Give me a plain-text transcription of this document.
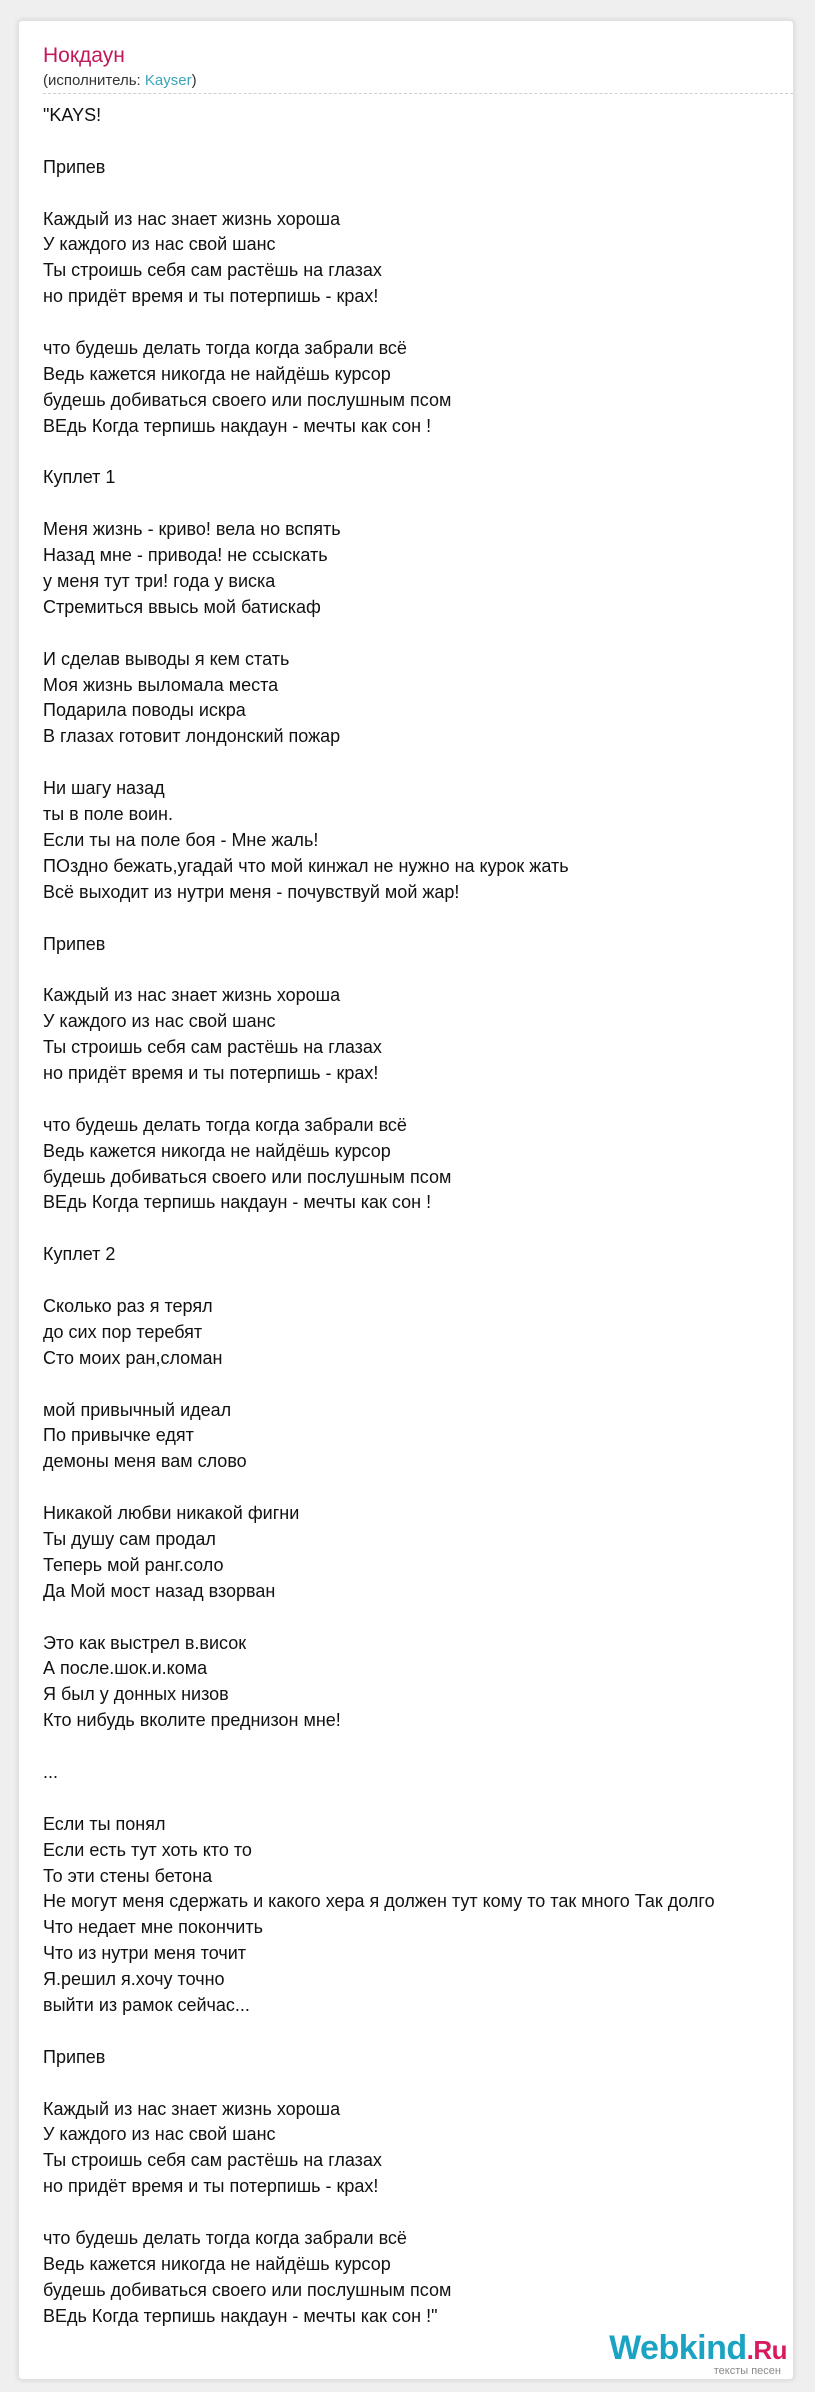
Нокдаун
(исполнитель: Kayser)
"KAYS!
Припев
Каждый из нас знает жизнь хороша
У каждого из нас свой шанс
Ты строишь себя сам растёшь на глазах
но придёт время и ты потерпишь - крах!
что будешь делать тогда когда забрали всё
Ведь кажется никогда не найдёшь курсор
будешь добиваться своего или послушным псом
ВЕдь Когда терпишь накдаун - мечты как сон !
Куплет 1
Меня жизнь - криво! вела но вспять
Назад мне - привода! не ссыскать
у меня тут три! года у виска
Стремиться ввысь мой батискаф
И сделав выводы я кем стать
Моя жизнь выломала места
Подарила поводы искра
В глазах готовит лондонский пожар
Ни шагу назад
ты в поле воин.
Если ты на поле боя - Мне жаль!
ПОздно бежать,угадай что мой кинжал не нужно на курок жать
Всё выходит из нутри меня - почувствуй мой жар!
Припев
Каждый из нас знает жизнь хороша
У каждого из нас свой шанс
Ты строишь себя сам растёшь на глазах
но придёт время и ты потерпишь - крах!
что будешь делать тогда когда забрали всё
Ведь кажется никогда не найдёшь курсор
будешь добиваться своего или послушным псом
ВЕдь Когда терпишь накдаун - мечты как сон !
Куплет 2
Сколько раз я терял
до сих пор теребят
Сто моих ран,сломан
мой привычный идеал
По привычке едят
демоны меня вам слово
Никакой любви никакой фигни
Ты душу сам продал
Теперь мой ранг.соло
Да Мой мост назад взорван
Это как выстрел в.висок
А после.шок.и.кома
Я был у донных низов
Кто нибудь вколите преднизон мне!
...
Если ты понял
Если есть тут хоть кто то
То эти стены бетона
Не могут меня сдержать и какого хера я должен тут кому то так много Так долго
Что недает мне покончить
Что из нутри меня точит
Я.решил я.хочу точно
выйти из рамок сейчас...
Припев
Каждый из нас знает жизнь хороша
У каждого из нас свой шанс
Ты строишь себя сам растёшь на глазах
но придёт время и ты потерпишь - крах!
что будешь делать тогда когда забрали всё
Ведь кажется никогда не найдёшь курсор
будешь добиваться своего или послушным псом
ВЕдь Когда терпишь накдаун - мечты как сон !"
Webkind.Ru
тексты песен
